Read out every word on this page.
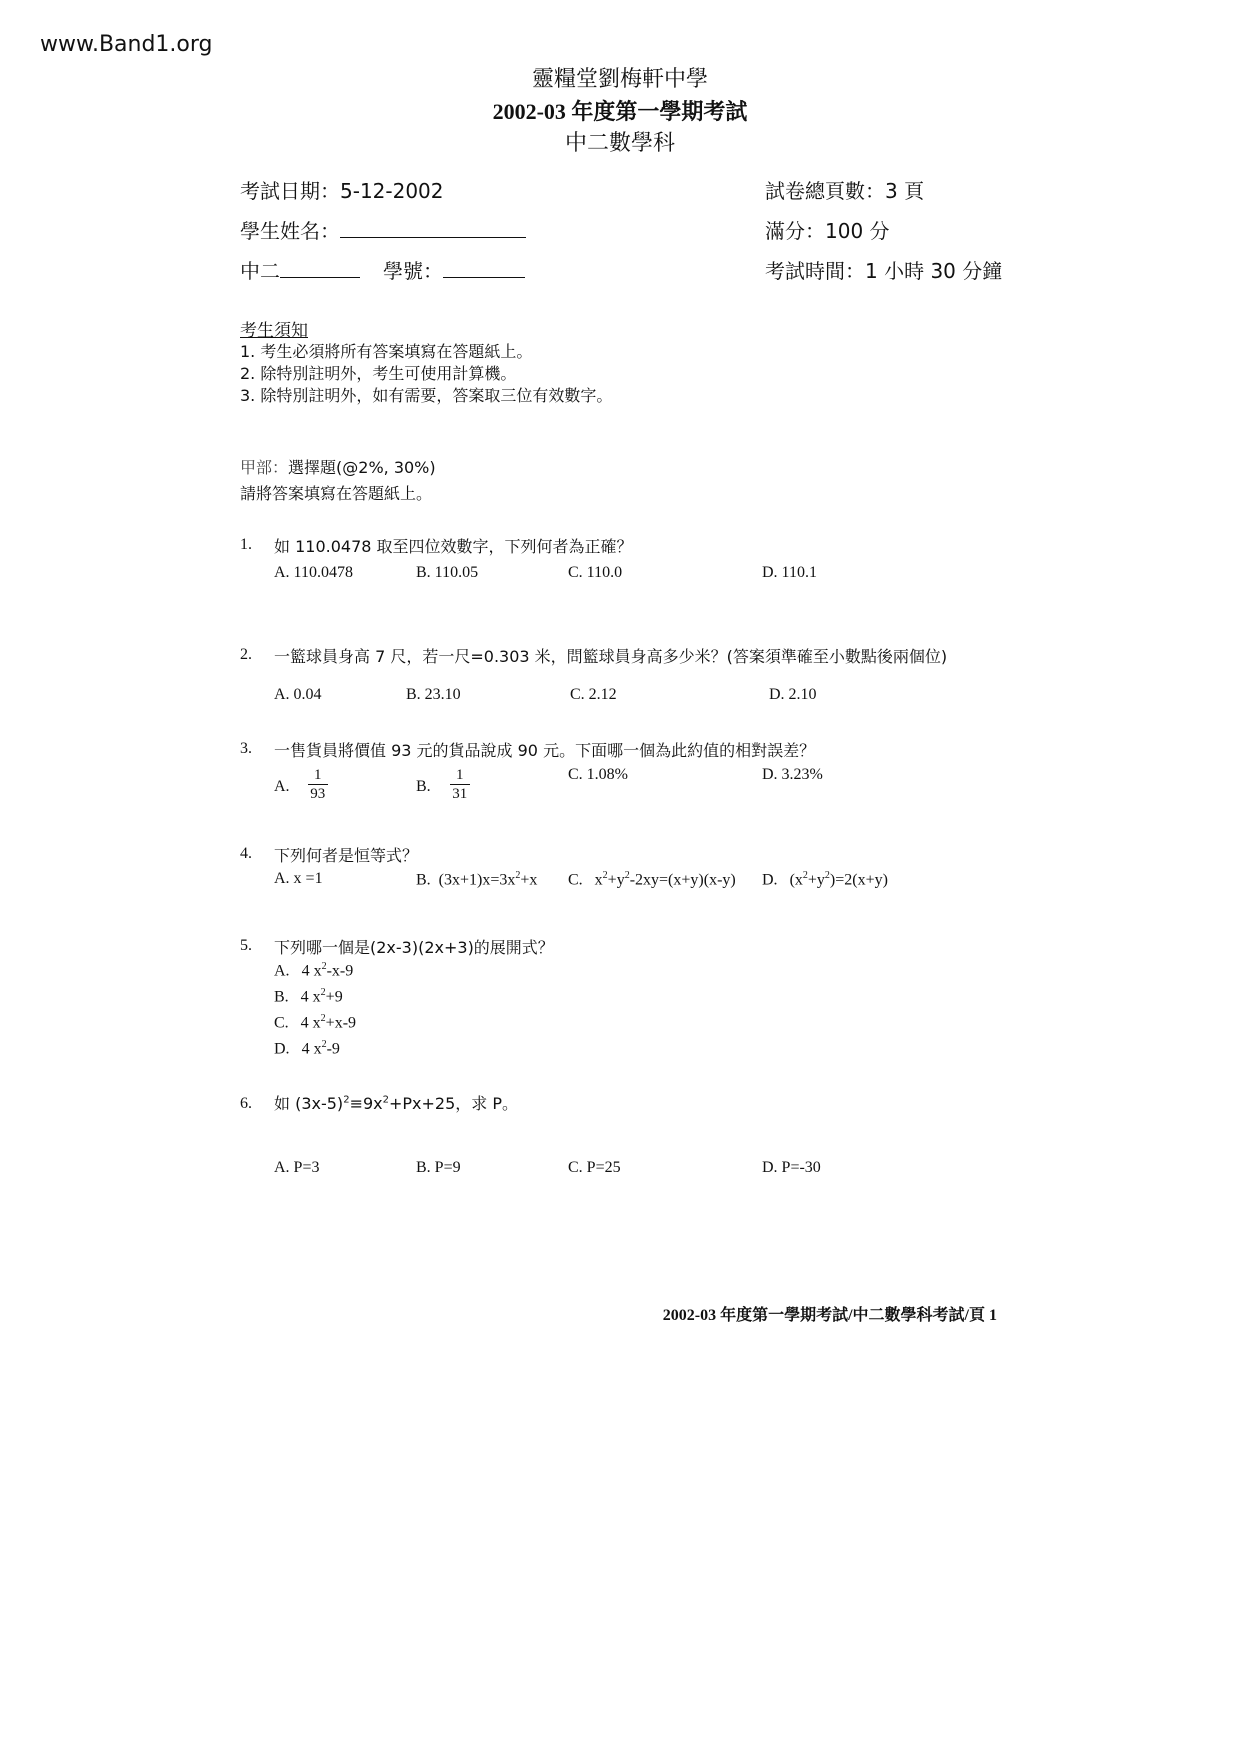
www.Band1.org
靈糧堂劉梅軒中學
2002-03 年度第一學期考試
中二數學科
考試日期：5-12-2002	試卷總頁數：3 頁
學生姓名：	滿分：100 分
中二	學號：	考試時間：1 小時 30 分鐘
考生須知
1. 考生必須將所有答案填寫在答題紙上。
2. 除特別註明外，考生可使用計算機。
3. 除特別註明外，如有需要，答案取三位有效數字。
甲部：選擇題(@2%, 30%)
請將答案填寫在答題紙上。
1. 如 110.0478 取至四位效數字，下列何者為正確？
A. 110.0478	B. 110.05	C. 110.0	D. 110.1
2. 一籃球員身高 7 尺，若一尺=0.303 米，問籃球員身高多少米？(答案須準確至小數點後兩個位)
A. 0.04	B. 23.10	C. 2.12	D. 2.10
3. 一售貨員將價值 93 元的貨品說成 90 元。下面哪一個為此約值的相對誤差？
A. $\frac{1}{93}$	B. $\frac{1}{31}$	C. 1.08%	D. 3.23%
4. 下列何者是恒等式？
A. x =1	B. $(3x+1)x=3x^2+x$ C. $x^2+y^2-2xy=(x+y)(x-y)$ D. $(x^2+y^2)=2(x+y)$
5. 下列哪一個是(2x-3)(2x+3)的展開式？
A. 4 $x^2-x-9$
B. 4 $x^2+9$
C. 4 $x^2+x-9$
D. 4 $x^2-9$
6. 如 $(3x-5)^2\equiv 9x^2+Px+25$，求 P。
A. P=3	B. P=9	C. P=25	D. P=-30
2002-03 年度第一學期考試/中二數學科考試/頁 1
